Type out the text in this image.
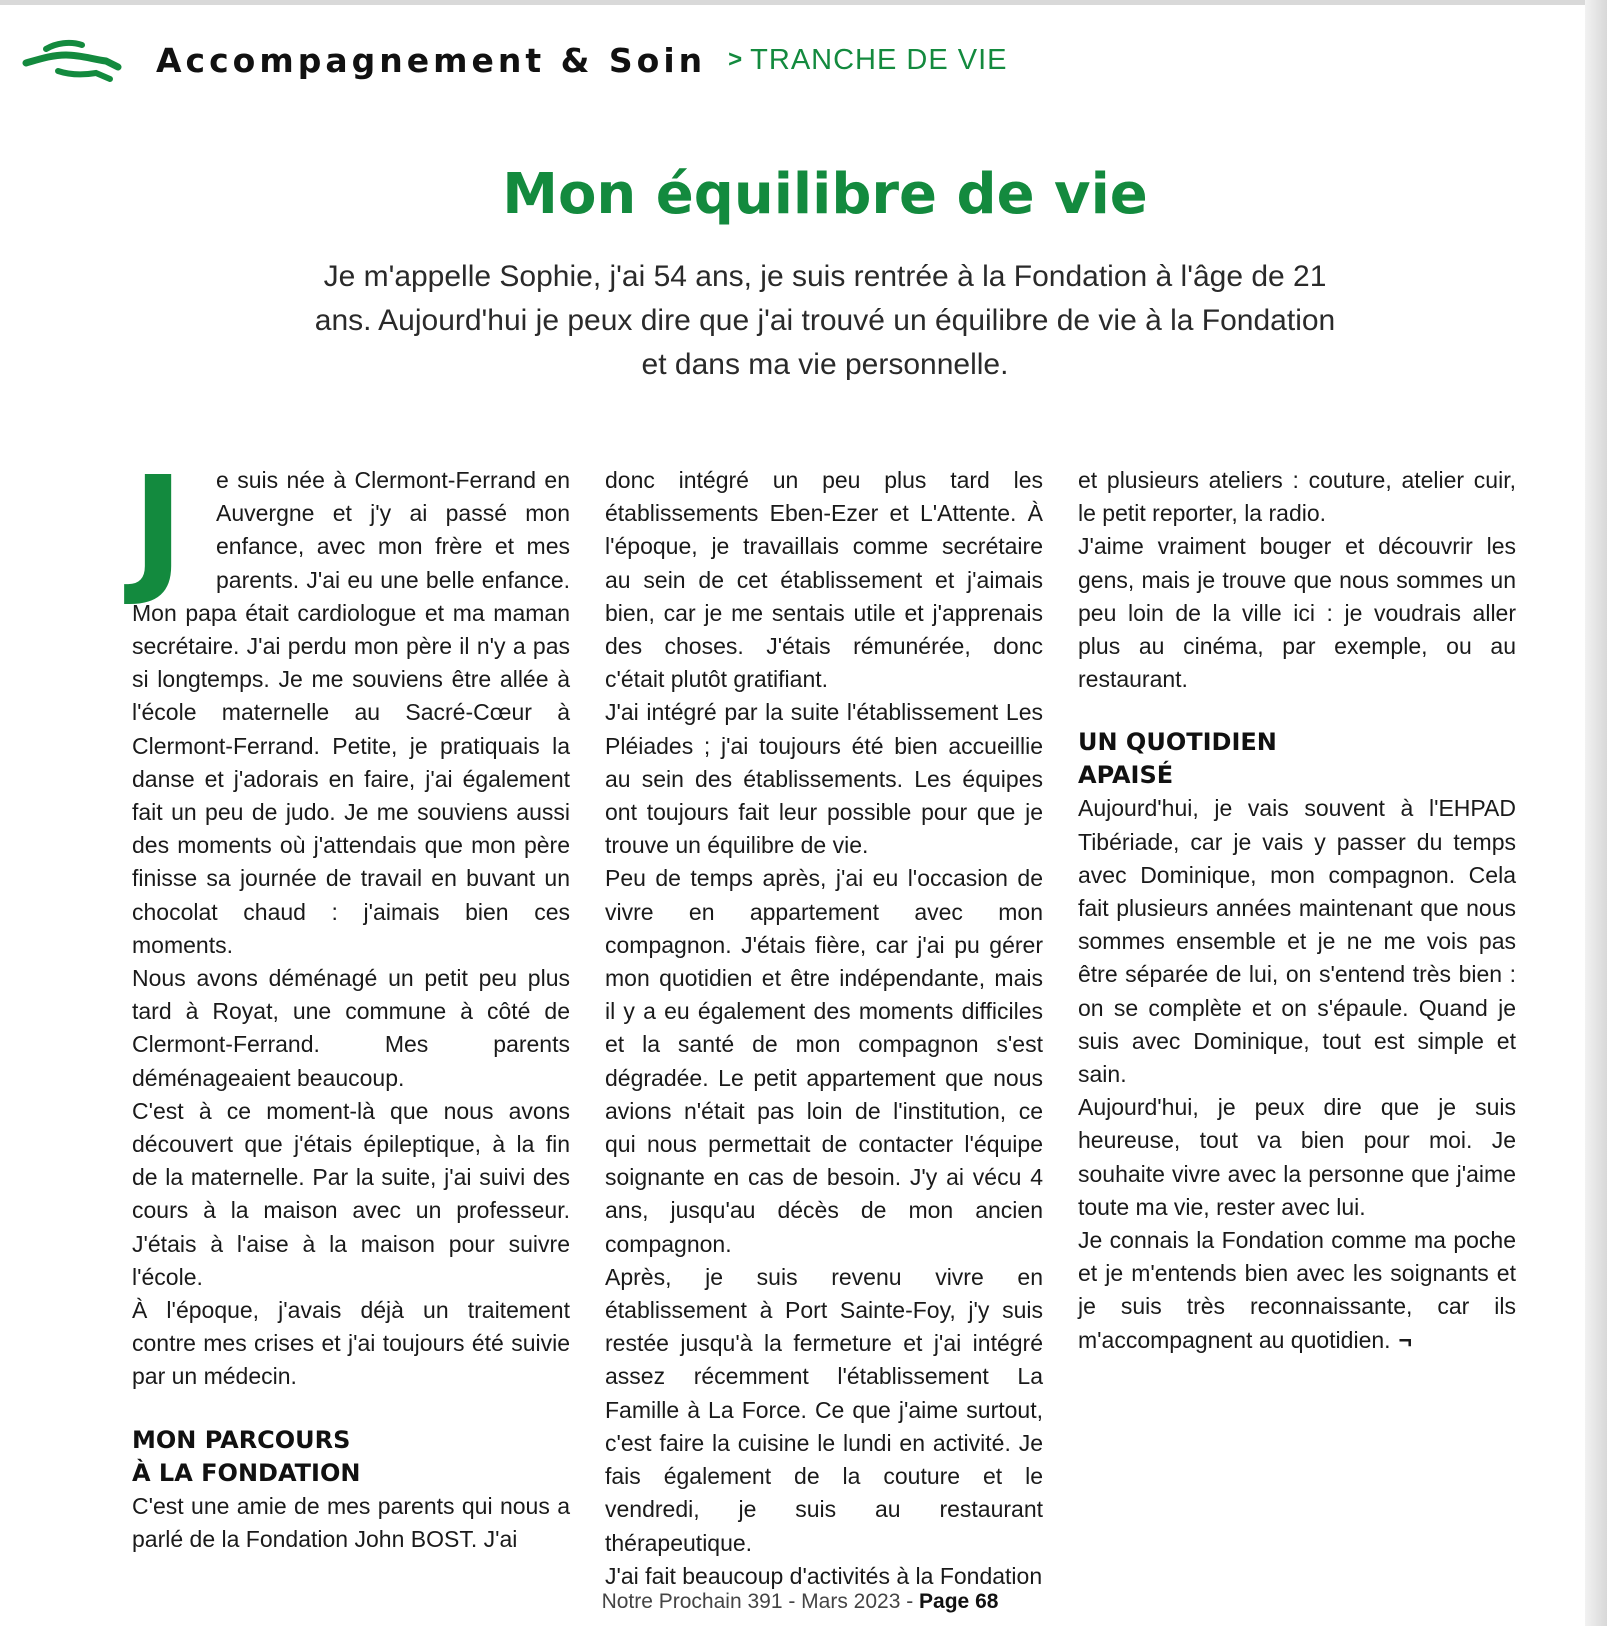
Accompagnement & Soin > TRANCHE DE VIE
Mon équilibre de vie
Je m'appelle Sophie, j'ai 54 ans, je suis rentrée à la Fondation à l'âge de 21 ans. Aujourd'hui je peux dire que j'ai trouvé un équilibre de vie à la Fondation et dans ma vie personnelle.
J	e suis née à Clermont-Ferrand en Auvergne et j'y ai passé mon enfance, avec mon frère et mes parents. J'ai eu une belle enfance. Mon papa était cardiologue et ma maman secrétaire. J'ai perdu mon père il n'y a pas si longtemps. Je me souviens être allée à l'école maternelle au Sacré-Cœur à Clermont-Ferrand. Petite, je pratiquais la danse et j'adorais en faire, j'ai également fait un peu de judo. Je me souviens aussi des moments où j'attendais que mon père finisse sa journée de travail en buvant un chocolat chaud : j'aimais bien ces moments.

Nous avons déménagé un petit peu plus tard à Royat, une commune à côté de Clermont-Ferrand. Mes parents déménageaient beaucoup.

C'est à ce moment-là que nous avons découvert que j'étais épileptique, à la fin de la maternelle. Par la suite, j'ai suivi des cours à la maison avec un professeur. J'étais à l'aise à la maison pour suivre l'école.

À l'époque, j'avais déjà un traitement contre mes crises et j'ai toujours été suivie par un médecin.

MON PARCOURS
À LA FONDATION

C'est une amie de mes parents qui nous a parlé de la Fondation John BOST. J'ai

donc intégré un peu plus tard les établissements Eben-Ezer et L'Attente. À l'époque, je travaillais comme secrétaire au sein de cet établissement et j'aimais bien, car je me sentais utile et j'apprenais des choses. J'étais rémunérée, donc c'était plutôt gratifiant.

J'ai intégré par la suite l'établissement Les Pléiades ; j'ai toujours été bien accueillie au sein des établissements. Les équipes ont toujours fait leur possible pour que je trouve un équilibre de vie.

Peu de temps après, j'ai eu l'occasion de vivre en appartement avec mon compagnon. J'étais fière, car j'ai pu gérer mon quotidien et être indépendante, mais il y a eu également des moments difficiles et la santé de mon compagnon s'est dégradée. Le petit appartement que nous avions n'était pas loin de l'institution, ce qui nous permettait de contacter l'équipe soignante en cas de besoin. J'y ai vécu 4 ans, jusqu'au décès de mon ancien compagnon.

Après, je suis revenu vivre en établissement à Port Sainte-Foy, j'y suis restée jusqu'à la fermeture et j'ai intégré assez récemment l'établissement La Famille à La Force. Ce que j'aime surtout, c'est faire la cuisine le lundi en activité. Je fais également de la couture et le vendredi, je suis au restaurant thérapeutique.

J'ai fait beaucoup d'activités à la Fondation

et plusieurs ateliers : couture, atelier cuir, le petit reporter, la radio.

J'aime vraiment bouger et découvrir les gens, mais je trouve que nous sommes un peu loin de la ville ici : je voudrais aller plus au cinéma, par exemple, ou au restaurant.

UN QUOTIDIEN
APAISÉ

Aujourd'hui, je vais souvent à l'EHPAD Tibériade, car je vais y passer du temps avec Dominique, mon compagnon. Cela fait plusieurs années maintenant que nous sommes ensemble et je ne me vois pas être séparée de lui, on s'entend très bien : on se complète et on s'épaule. Quand je suis avec Dominique, tout est simple et sain.

Aujourd'hui, je peux dire que je suis heureuse, tout va bien pour moi. Je souhaite vivre avec la personne que j'aime toute ma vie, rester avec lui.

Je connais la Fondation comme ma poche et je m'entends bien avec les soignants et je suis très reconnaissante, car ils m'accompagnent au quotidien. ¬

Notre Prochain 391 - Mars 2023 - Page 68
